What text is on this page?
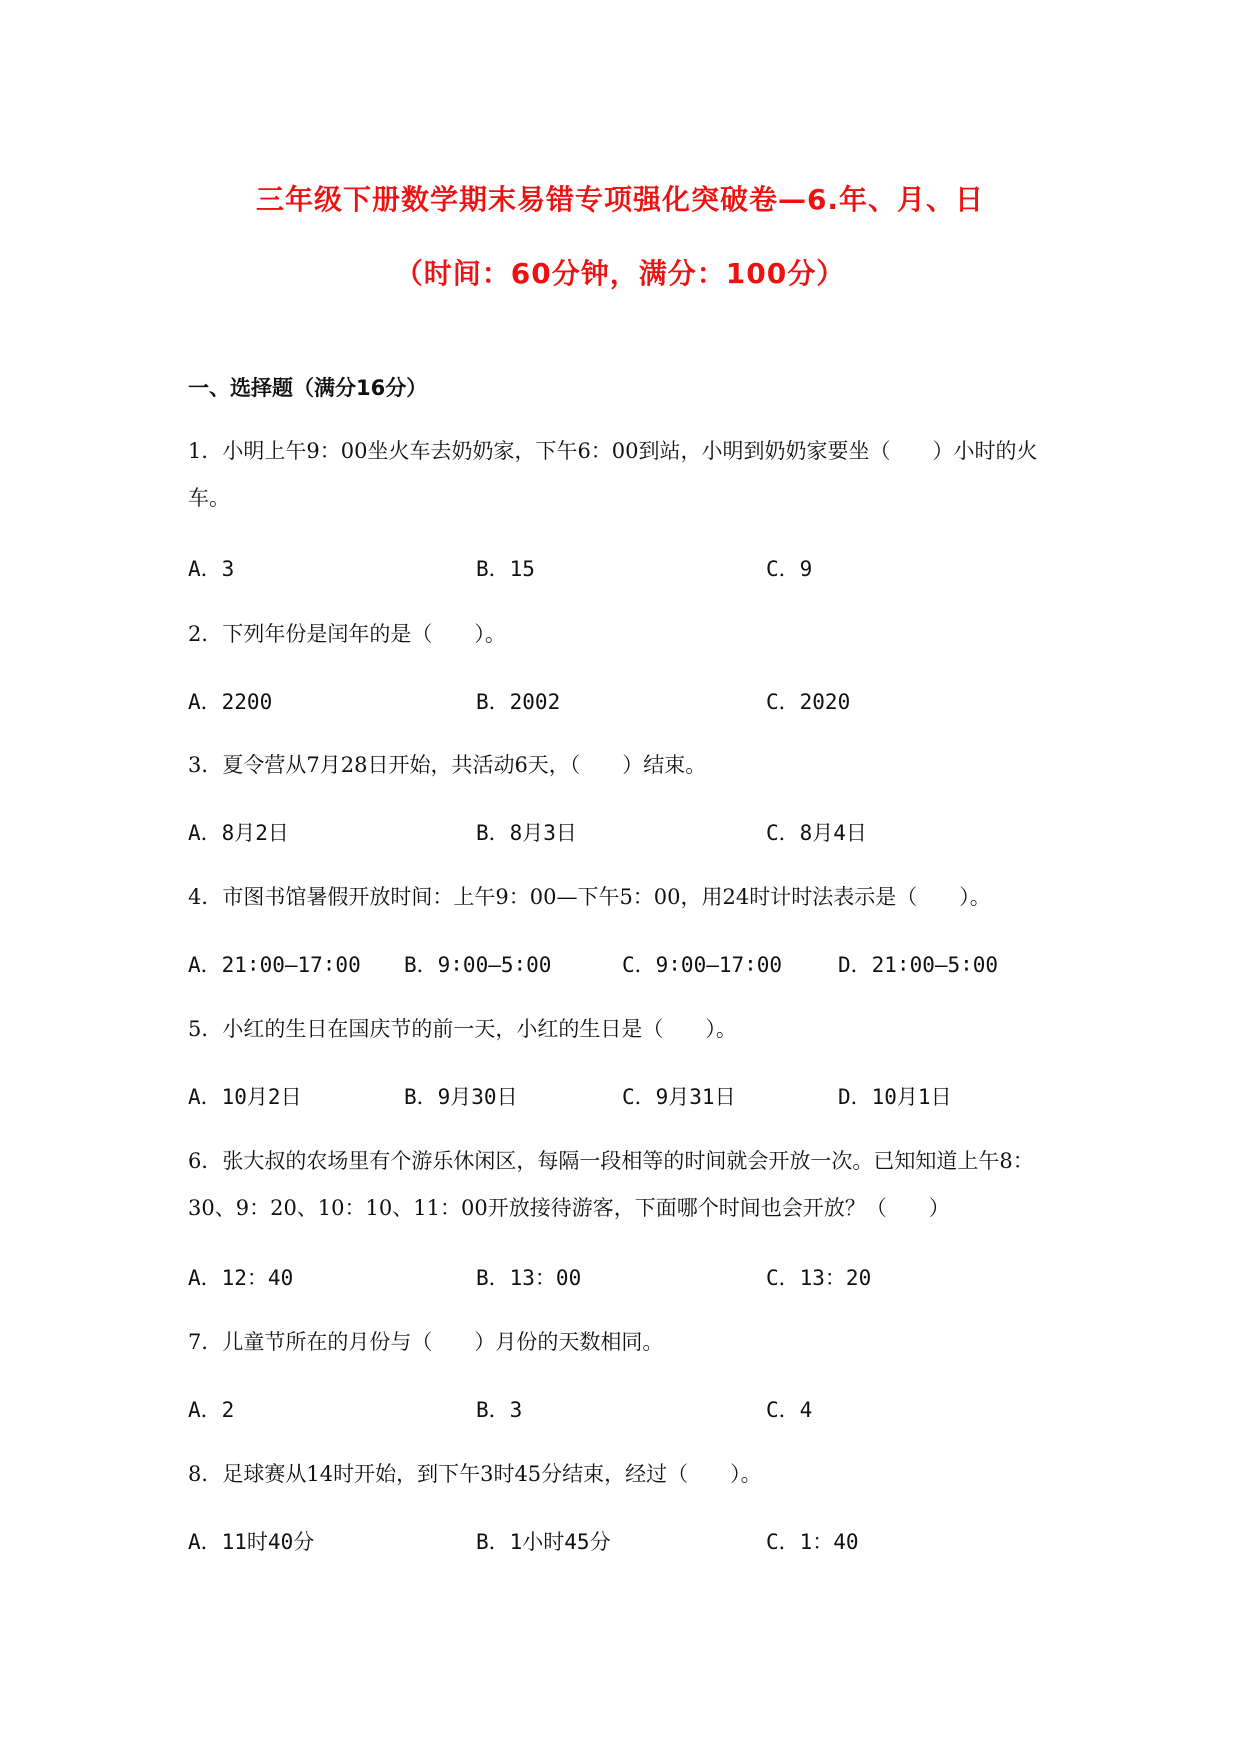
三年级下册数学期末易错专项强化突破卷—6.年、月、日
（时间：60分钟，满分：100分）
一、选择题（满分16分）
1．小明上午9：00坐火车去奶奶家，下午6：00到站，小明到奶奶家要坐（　　）小时的火车。
A．3	B．15	C．9
2．下列年份是闰年的是（　　）。
A．2200	B．2002	C．2020
3．夏令营从7月28日开始，共活动6天，（　　）结束。
A．8月2日	B．8月3日	C．8月4日
4．市图书馆暑假开放时间：上午9：00—下午5：00，用24时计时法表示是（　　）。
A．21∶00—17∶00 B．9∶00—5∶00	C．9∶00—17∶00	D．21∶00—5∶00
5．小红的生日在国庆节的前一天，小红的生日是（　　）。
A．10月2日	B．9月30日	C．9月31日	D．10月1日
6．张大叔的农场里有个游乐休闲区，每隔一段相等的时间就会开放一次。已知知道上午8：30、9：20、10：10、11：00开放接待游客，下面哪个时间也会开放？（　　）
A．12：40	B．13：00	C．13：20
7．儿童节所在的月份与（　　）月份的天数相同。
A．2	B．3	C．4
8．足球赛从14时开始，到下午3时45分结束，经过（　　）。
A．11时40分	B．1小时45分	C．1：40
